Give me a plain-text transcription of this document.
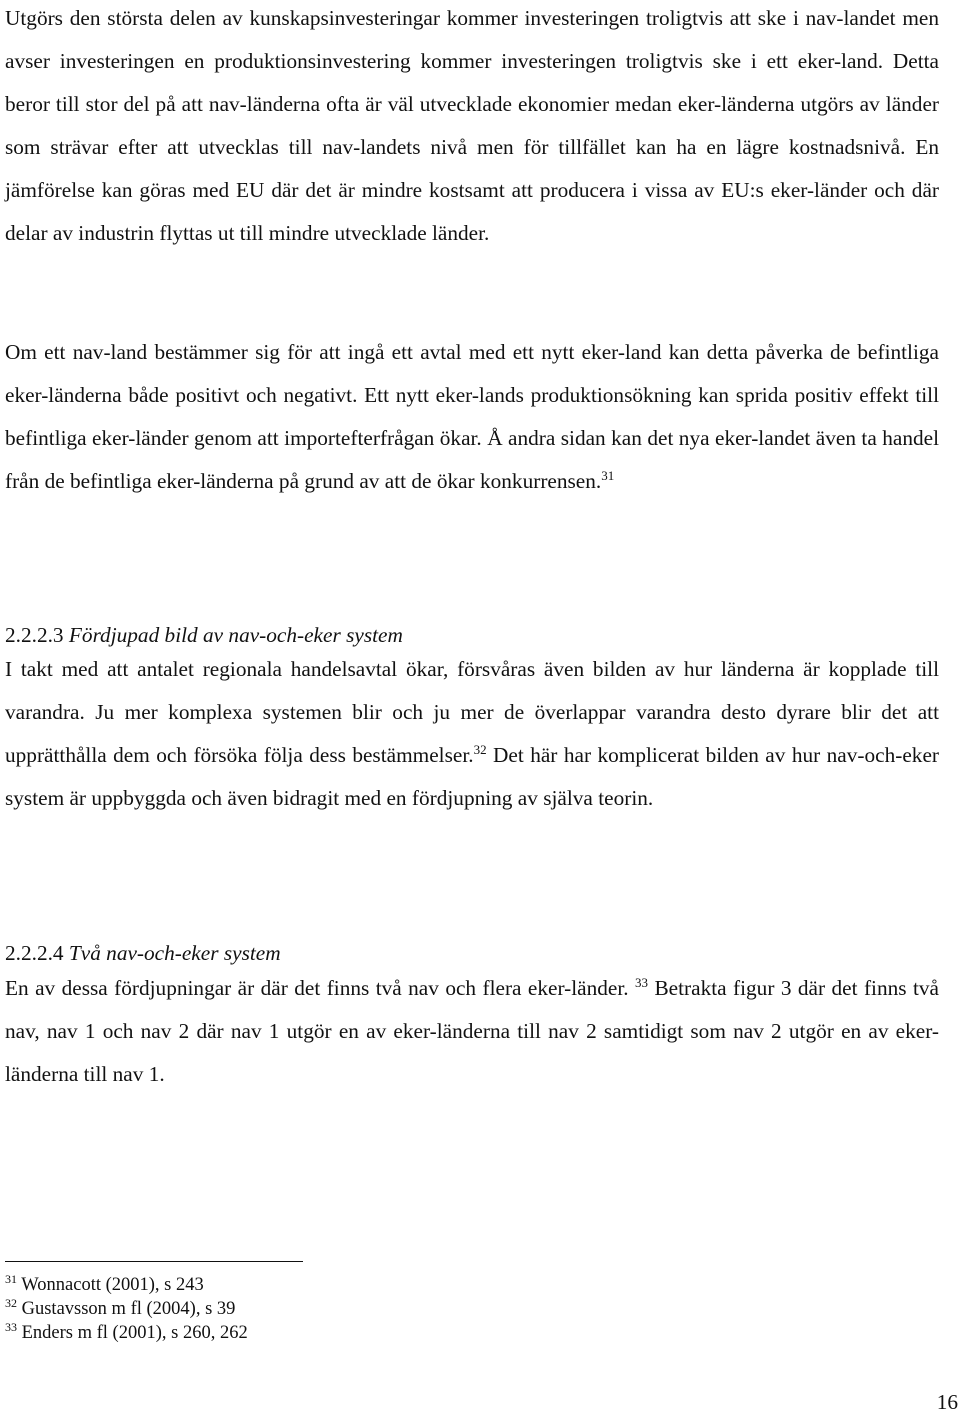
Utgörs den största delen av kunskapsinvesteringar kommer investeringen troligtvis att ske i nav-landet men avser investeringen en produktionsinvestering kommer investeringen troligtvis ske i ett eker-land. Detta beror till stor del på att nav-länderna ofta är väl utvecklade ekonomier medan eker-länderna utgörs av länder som strävar efter att utvecklas till nav-landets nivå men för tillfället kan ha en lägre kostnadsnivå. En jämförelse kan göras med EU där det är mindre kostsamt att producera i vissa av EU:s eker-länder och där delar av industrin flyttas ut till mindre utvecklade länder.

Om ett nav-land bestämmer sig för att ingå ett avtal med ett nytt eker-land kan detta påverka de befintliga eker-länderna både positivt och negativt. Ett nytt eker-lands produktionsökning kan sprida positiv effekt till befintliga eker-länder genom att importefterfrågan ökar. Å andra sidan kan det nya eker-landet även ta handel från de befintliga eker-länderna på grund av att de ökar konkurrensen.$^{31}$

2.2.2.3 Fördjupad bild av nav-och-eker system

I takt med att antalet regionala handelsavtal ökar, försvåras även bilden av hur länderna är kopplade till varandra. Ju mer komplexa systemen blir och ju mer de överlappar varandra desto dyrare blir det att upprätthålla dem och försöka följa dess bestämmelser.$^{32}$ Det här har komplicerat bilden av hur nav-och-eker system är uppbyggda och även bidragit med en fördjupning av själva teorin.

2.2.2.4 Två nav-och-eker system

En av dessa fördjupningar är där det finns två nav och flera eker-länder. $^{33}$ Betrakta figur 3 där det finns två nav, nav 1 och nav 2 där nav 1 utgör en av eker-länderna till nav 2 samtidigt som nav 2 utgör en av eker-länderna till nav 1.

$^{31}$ Wonnacott (2001), s 243

$^{32}$ Gustavsson m fl (2004), s 39

$^{33}$ Enders m fl (2001), s 260, 262

16
